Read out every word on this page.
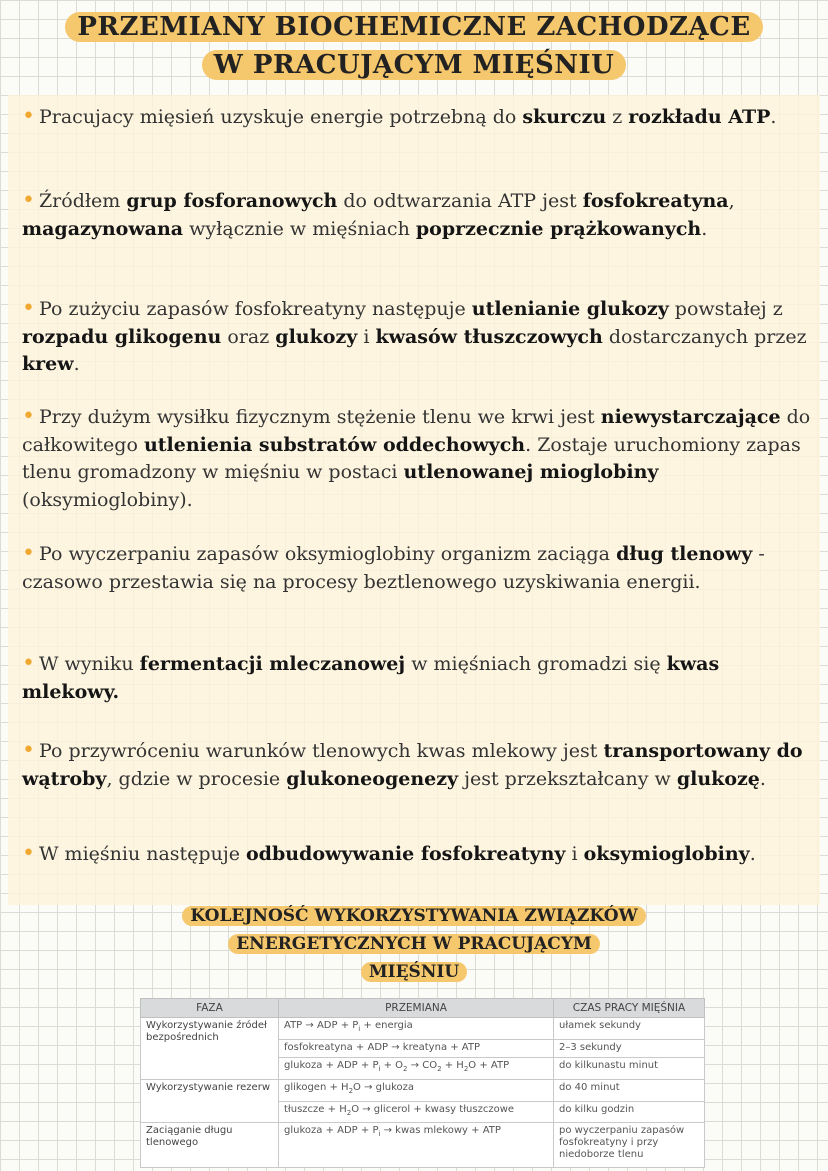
PRZEMIANY BIOCHEMICZNE ZACHODZĄCE
W PRACUJĄCYM MIĘŚNIU
• Pracujacy mięsień uzyskuje energie potrzebną do skurczu z rozkładu ATP.
• Źródłem grup fosforanowych do odtwarzania ATP jest fosfokreatyna, magazynowana wyłącznie w mięśniach poprzecznie prążkowanych.
• Po zużyciu zapasów fosfokreatyny następuje utlenianie glukozy powstałej z rozpadu glikogenu oraz glukozy i kwasów tłuszczowych dostarczanych przez krew.
• Przy dużym wysiłku fizycznym stężenie tlenu we krwi jest niewystarczające do całkowitego utlenienia substratów oddechowych. Zostaje uruchomiony zapas tlenu gromadzony w mięśniu w postaci utlenowanej mioglobiny (oksymioglobiny).
• Po wyczerpaniu zapasów oksymioglobiny organizm zaciąga dług tlenowy - czasowo przestawia się na procesy beztlenowego uzyskiwania energii.
• W wyniku fermentacji mleczanowej w mięśniach gromadzi się kwas mlekowy.
• Po przywróceniu warunków tlenowych kwas mlekowy jest transportowany do wątroby, gdzie w procesie glukoneogenezy jest przekształcany w glukozę.
• W mięśniu następuje odbudowywanie fosfokreatyny i oksymioglobiny.
KOLEJNOŚĆ WYKORZYSTYWANIA ZWIĄZKÓW
ENERGETYCZNYCH W PRACUJĄCYM
MIĘŚNIU
FAZA	PRZEMIANA	CZAS PRACY MIĘŚNIA
Wykorzystywanie źródeł bezpośrednich	ATP → ADP + $P_i$ + energia	ułamek sekundy
	fosfokreatyna + ADP → kreatyna + ATP	2–3 sekundy
	glukoza + ADP + $P_i + O_2 \to CO_2 + H_2O$ + ATP	do kilkunastu minut
Wykorzystywanie rezerw	glikogen + $H_2O$ → glukoza	do 40 minut
	tłuszcze + $H_2O$ → glicerol + kwasy tłuszczowe	do kilku godzin
Zaciąganie długu tlenowego	glukoza + ADP + $P_i$ → kwas mlekowy + ATP	po wyczerpaniu zapasów fosfokreatyny i przy niedoborze tlenu
